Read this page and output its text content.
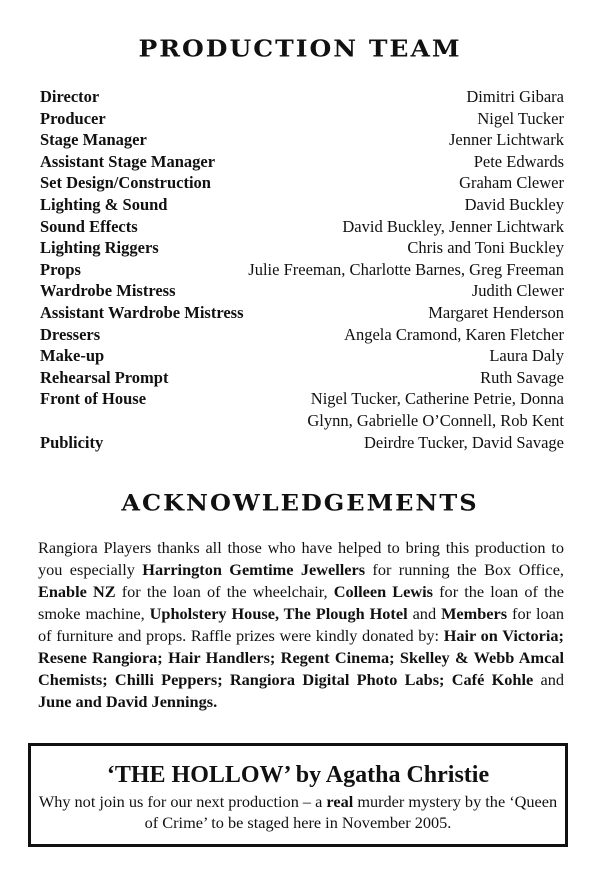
PRODUCTION TEAM
Director	Dimitri Gibara
Producer	Nigel Tucker
Stage Manager	Jenner Lichtwark
Assistant Stage Manager	Pete Edwards
Set Design/Construction	Graham Clewer
Lighting & Sound	David Buckley
Sound Effects	David Buckley, Jenner Lichtwark
Lighting Riggers	Chris and Toni Buckley
Props	Julie Freeman, Charlotte Barnes, Greg Freeman
Wardrobe Mistress	Judith Clewer
Assistant Wardrobe Mistress	Margaret Henderson
Dressers	Angela Cramond, Karen Fletcher
Make-up	Laura Daly
Rehearsal Prompt	Ruth Savage
Front of House	Nigel Tucker, Catherine Petrie, Donna
Glynn, Gabrielle O’Connell, Rob Kent
Publicity	Deirdre Tucker, David Savage
ACKNOWLEDGEMENTS
Rangiora Players thanks all those who have helped to bring this production to you especially Harrington Gemtime Jewellers for running the Box Office, Enable NZ for the loan of the wheelchair, Colleen Lewis for the loan of the smoke machine, Upholstery House, The Plough Hotel and Members for loan of furniture and props. Raffle prizes were kindly donated by: Hair on Victoria; Resene Rangiora; Hair Handlers; Regent Cinema; Skelley & Webb Amcal Chemists; Chilli Peppers; Rangiora Digital Photo Labs; Café Kohle and June and David Jennings.
‘THE HOLLOW’ by Agatha Christie
Why not join us for our next production – a real murder mystery by the ‘Queen of Crime’ to be staged here in November 2005.
